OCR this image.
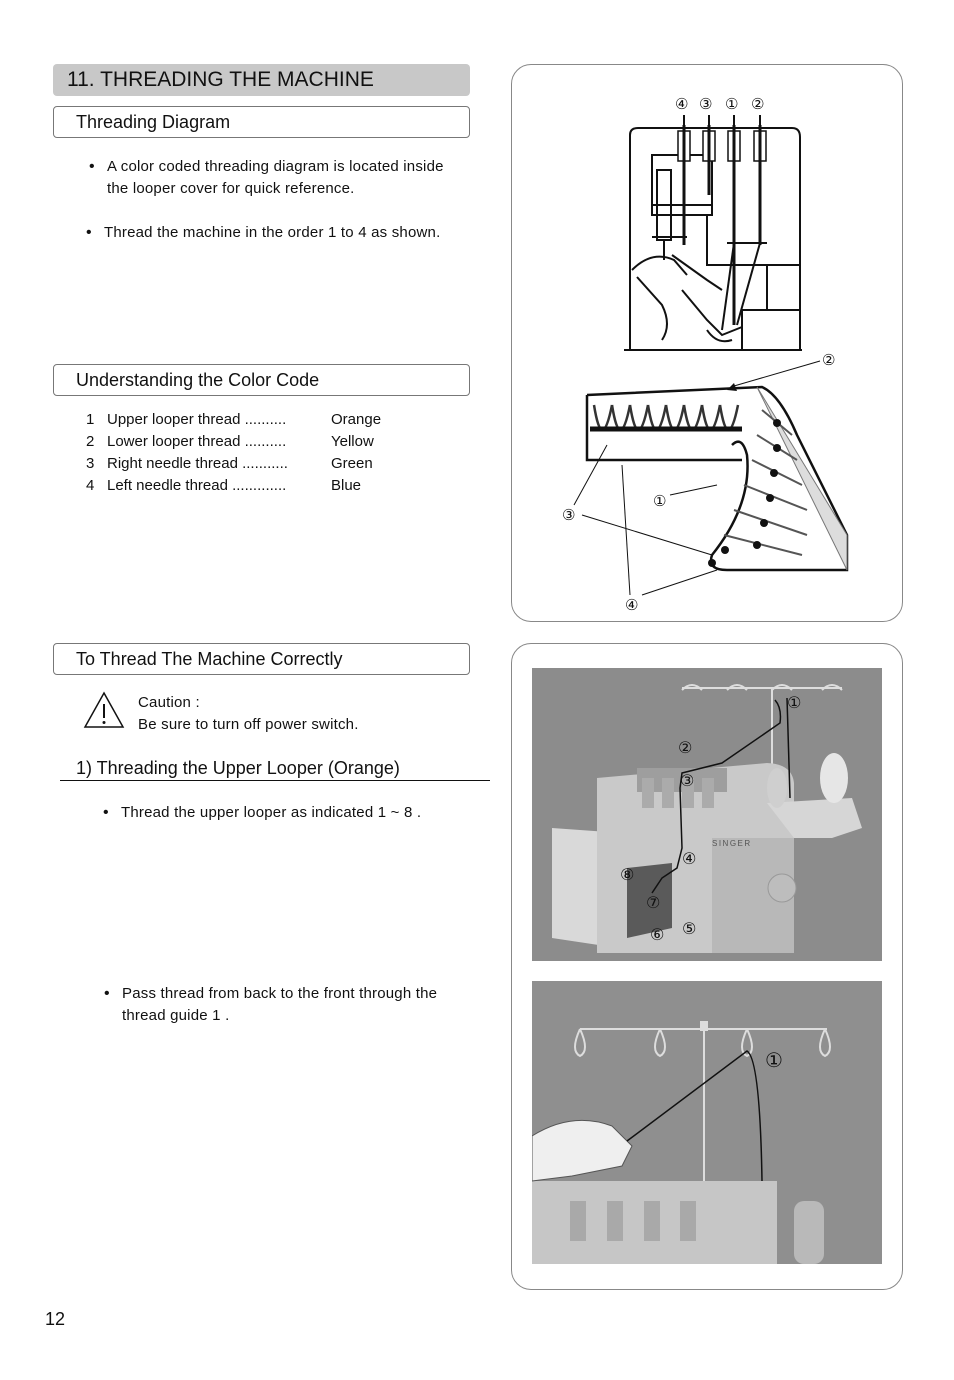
11. THREADING THE MACHINE
Threading Diagram
• A color coded threading diagram is located inside
the looper cover for quick reference.
• Thread the machine in the order 1 to 4 as shown.
Understanding the Color Code
1 Upper looper thread ..........	Orange
2 Lower looper thread ..........	Yellow
3 Right needle thread ...........	Green
4 Left needle thread .............	Blue
To Thread The Machine Correctly
Caution :
Be sure to turn off power switch.
1) Threading the Upper Looper (Orange)
• Thread the upper looper as indicated 1 ~ 8 .
• Pass thread from back to the front through the
thread guide 1 .
12
④ ③ ① ②
②
①
③
④
SINGER
①
②
③
④
⑤
⑥
⑦
⑧
①
